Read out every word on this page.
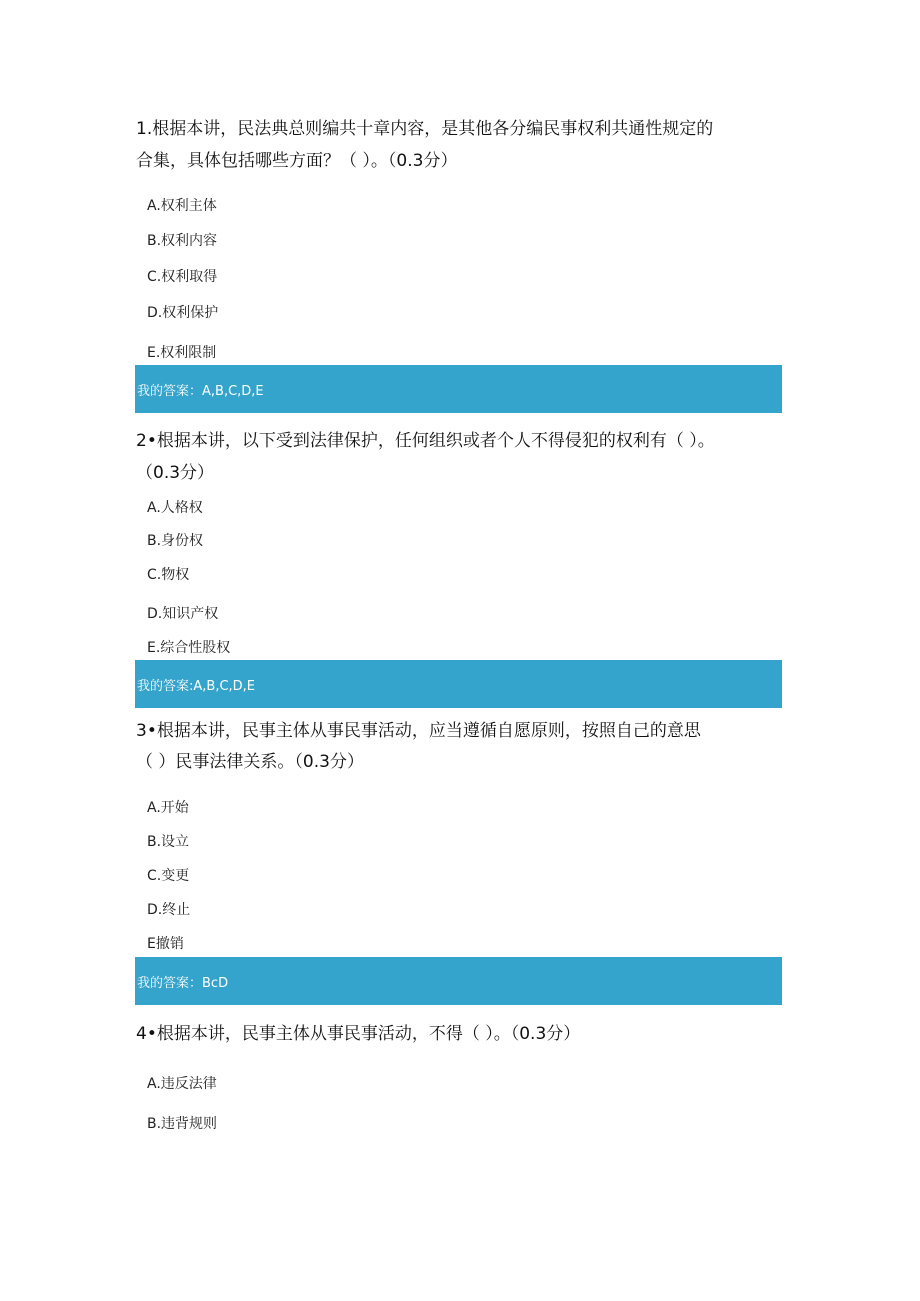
1.根据本讲，民法典总则编共十章内容，是其他各分编民事权利共通性规定的
合集，具体包括哪些方面？（ ）。（0.3分）
A.权利主体
B.权利内容
C.权利取得
D.权利保护
E.权利限制
我的答案：A,B,C,D,E
2•根据本讲，以下受到法律保护，任何组织或者个人不得侵犯的权利有（ ）。
（0.3分）
A.人格权
B.身份权
C.物权
D.知识产权
E.综合性股权
我的答案:A,B,C,D,E
3•根据本讲，民事主体从事民事活动，应当遵循自愿原则，按照自己的意思
（ ）民事法律关系。（0.3分）
A.开始
B.设立
C.变更
D.终止
E撤销
我的答案：BcD
4•根据本讲，民事主体从事民事活动，不得（ ）。（0.3分）
A.违反法律
B.违背规则
